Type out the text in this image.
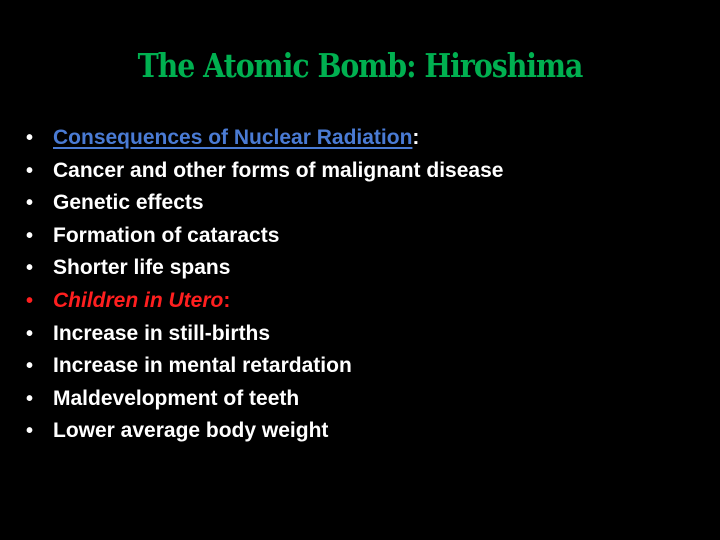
The Atomic Bomb: Hiroshima
• Consequences of Nuclear Radiation:
• Cancer and other forms of malignant disease
• Genetic effects
• Formation of cataracts
• Shorter life spans
• Children in Utero:
• Increase in still-births
• Increase in mental retardation
• Maldevelopment of teeth
• Lower average body weight
